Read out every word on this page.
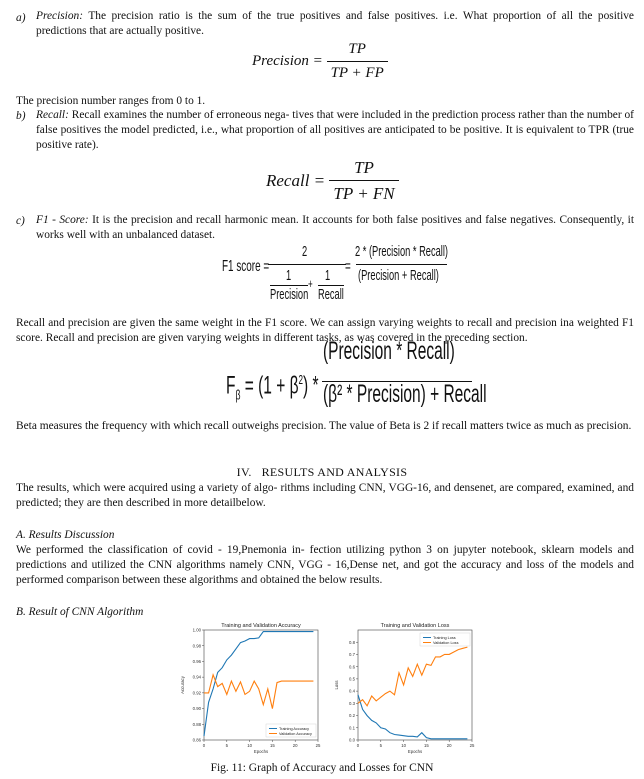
a) Precision: The precision ratio is the sum of the true positives and false positives. i.e. What proportion of all the positive predictions that are actually positive.

Precision = $\frac{TP}{TP + FP}$

The precision number ranges from 0 to 1.

b) Recall: Recall examines the number of erroneous nega- tives that were included in the prediction process rather than the number of false positives the model predicted, i.e., what proportion of all positives are anticipated to be positive. It is equivalent to TPR (true positive rate).

Recall = $\frac{TP}{TP + FN}$
c) F1 - Score: It is the precision and recall harmonic mean. It accounts for both false positives and false negatives. Consequently, it works well with an unbalanced dataset.

F1 score =
2
1 1
+
Precision Recall
=
2 * (Precision * Recall)
(Precision + Recall)

Recall and precision are given the same weight in the F1 score. We can assign varying weights to recall and precision ina weighted F1 score. Recall and precision are given varying weights in different tasks, as was covered in the preceding section.

$F_\beta = (1 + \beta^2)$ *
(Precision * Recall)
(β² * Precision) + Recall

Beta measures the frequency with which recall outweighs precision. The value of Beta is 2 if recall matters twice as much as precision.

IV. RESULTS AND ANALYSIS

The results, which were acquired using a variety of algo- rithms including CNN, VGG-16, and densenet, are compared, examined, and predicted; they are then described in more detailbelow.

A. Results Discussion

We performed the classification of covid - 19,Pnemonia in- fection utilizing python 3 on jupyter notebook, sklearn models and predictions and utilized the CNN algorithms namely CNN, VGG - 16,Dense net, and got the accuracy and loss of the models and performed comparison between these algorithms and obtained the below results.

B. Result of CNN Algorithm
Training and Validation Accuracy
0.86
0.88
0.90
0.92
0.94
0.96
0.98
1.00
0	5	10	15	20	25
Epochs
Accuracy
Training Accuracy
Validation Accuracy
Training and Validation Loss
0.0
0.1
0.2
0.3
0.4
0.5
0.6
0.7
0.8
0	5	10	15	20	25
Epochs
Loss
Training Loss
Validation Loss
Fig. 11: Graph of Accuracy and Losses for CNN
